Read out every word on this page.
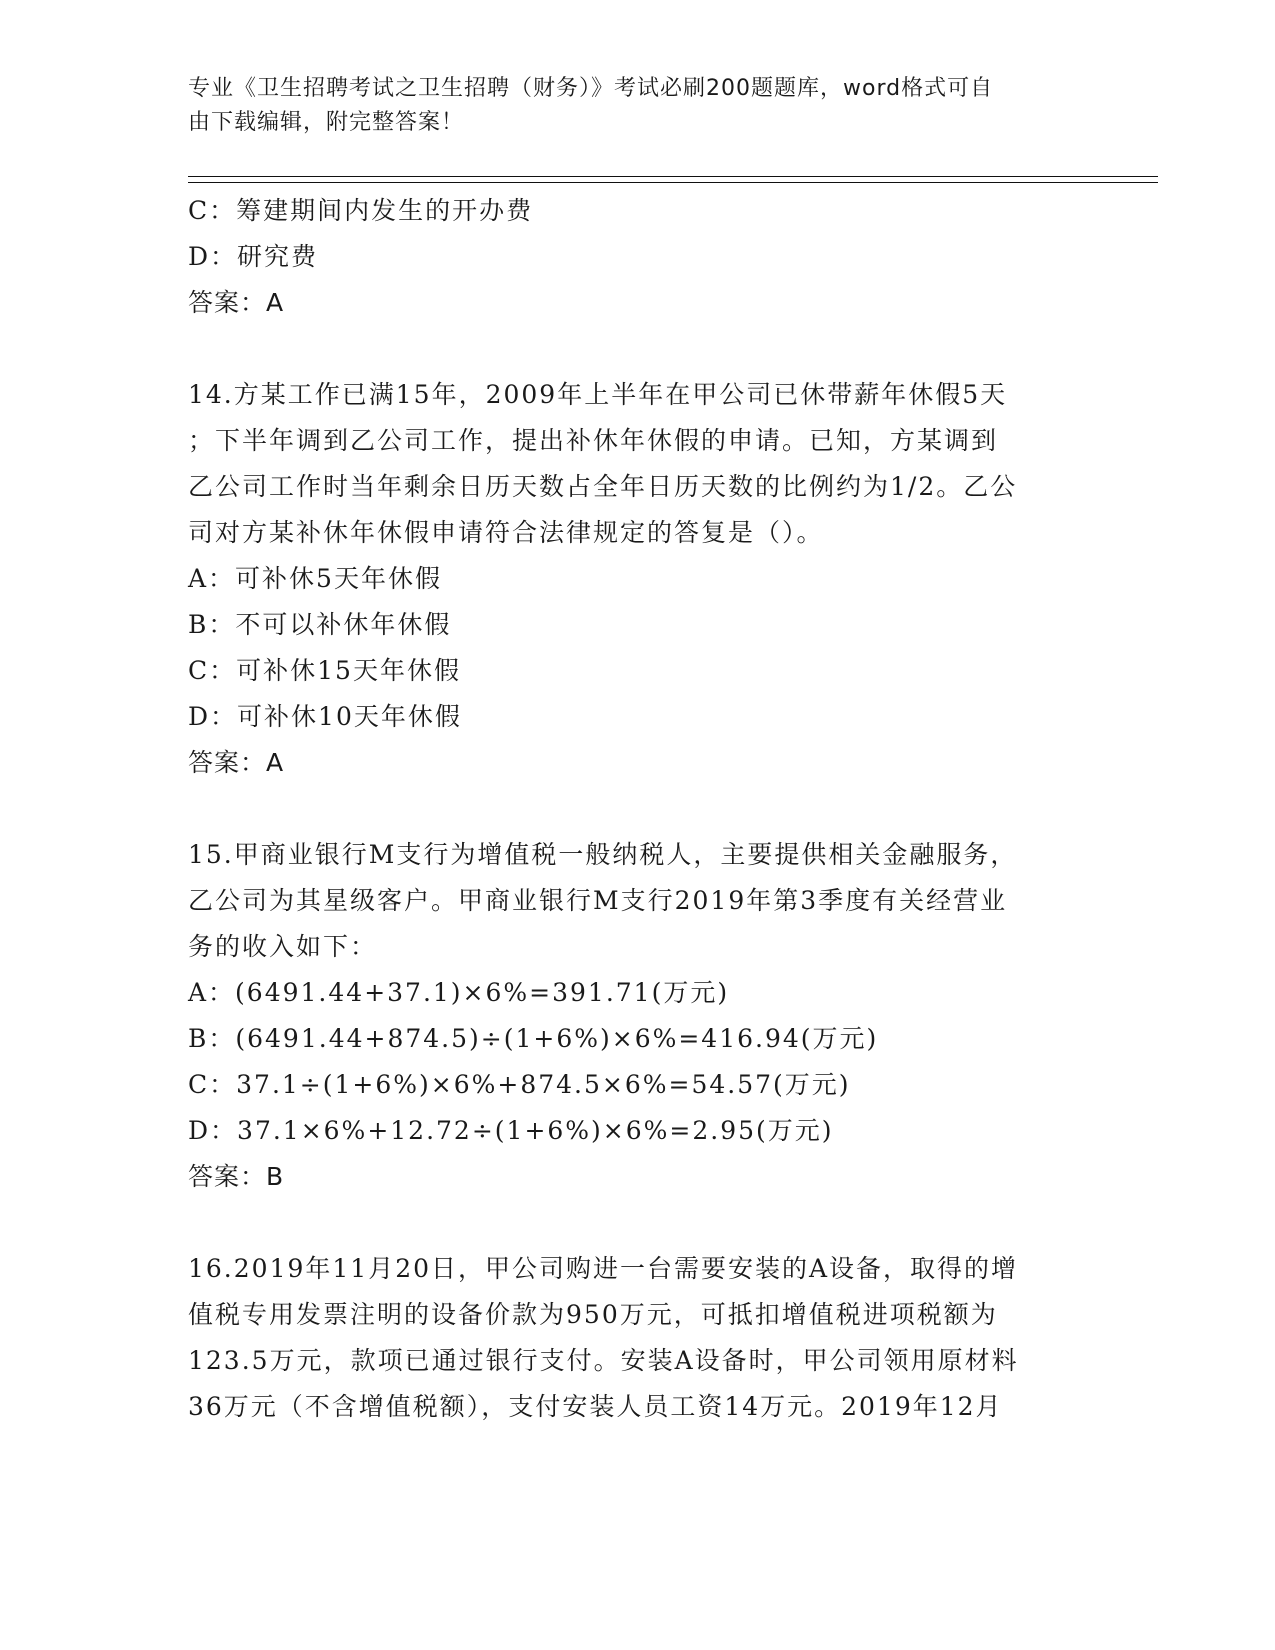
专业《卫生招聘考试之卫生招聘（财务）》考试必刷200题题库，word格式可自
由下载编辑，附完整答案！
C：筹建期间内发生的开办费
D：研究费
答案：A
14.方某工作已满15年，2009年上半年在甲公司已休带薪年休假5天
；下半年调到乙公司工作，提出补休年休假的申请。已知，方某调到
乙公司工作时当年剩余日历天数占全年日历天数的比例约为1/2。乙公
司对方某补休年休假申请符合法律规定的答复是（）。
A：可补休5天年休假
B：不可以补休年休假
C：可补休15天年休假
D：可补休10天年休假
答案：A
15.甲商业银行M支行为增值税一般纳税人，主要提供相关金融服务，
乙公司为其星级客户。甲商业银行M支行2019年第3季度有关经营业
务的收入如下：
A：(6491.44+37.1)×6%=391.71(万元)
B：(6491.44+874.5)÷(1+6%)×6%=416.94(万元)
C：37.1÷(1+6%)×6%+874.5×6%=54.57(万元)
D：37.1×6%+12.72÷(1+6%)×6%=2.95(万元)
答案：B
16.2019年11月20日，甲公司购进一台需要安装的A设备，取得的增
值税专用发票注明的设备价款为950万元，可抵扣增值税进项税额为
123.5万元，款项已通过银行支付。安装A设备时，甲公司领用原材料
36万元（不含增值税额），支付安装人员工资14万元。2019年12月
